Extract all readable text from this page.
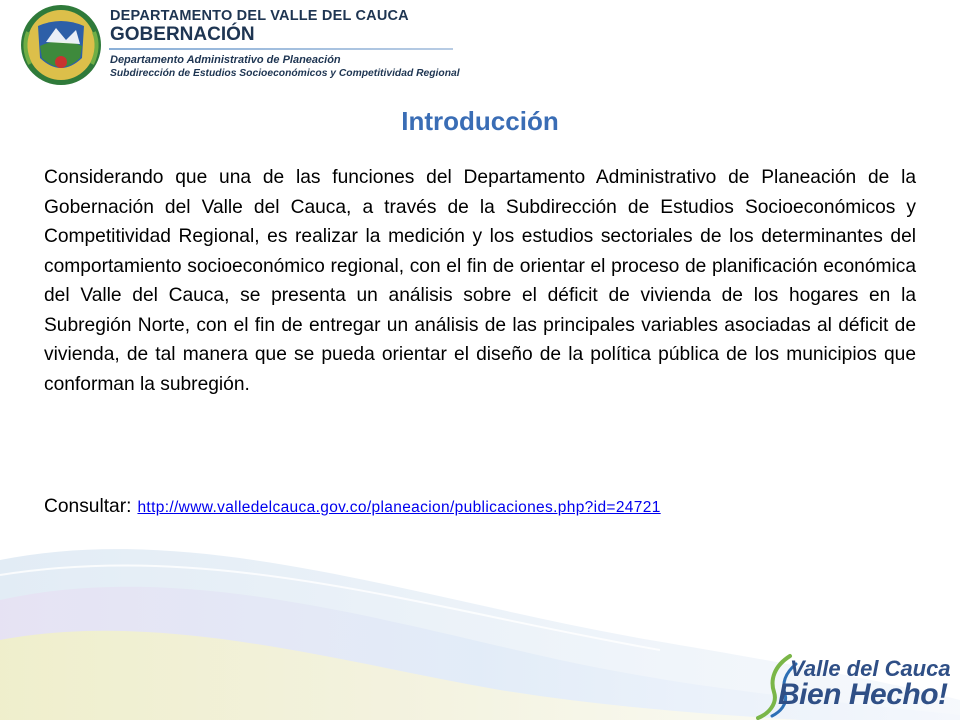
DEPARTAMENTO DEL VALLE DEL CAUCA
GOBERNACIÓN
Departamento Administrativo de Planeación
Subdirección de Estudios Socioeconómicos y Competitividad Regional
Introducción

Considerando que una de las funciones del Departamento Administrativo de Planeación de la Gobernación del Valle del Cauca, a través de la Subdirección de Estudios Socioeconómicos y Competitividad Regional, es realizar la medición y los estudios sectoriales de los determinantes del comportamiento socioeconómico regional, con el fin de orientar el proceso de planificación económica del Valle del Cauca, se presenta un análisis sobre el déficit de vivienda de los hogares en la Subregión Norte, con el fin de entregar un análisis de las principales variables asociadas al déficit de vivienda, de tal manera que se pueda orientar el diseño de la política pública de los municipios que conforman la subregión.

Consultar: http://www.valledelcauca.gov.co/planeacion/publicaciones.php?id=24721
Valle del Cauca
Bien Hecho!
